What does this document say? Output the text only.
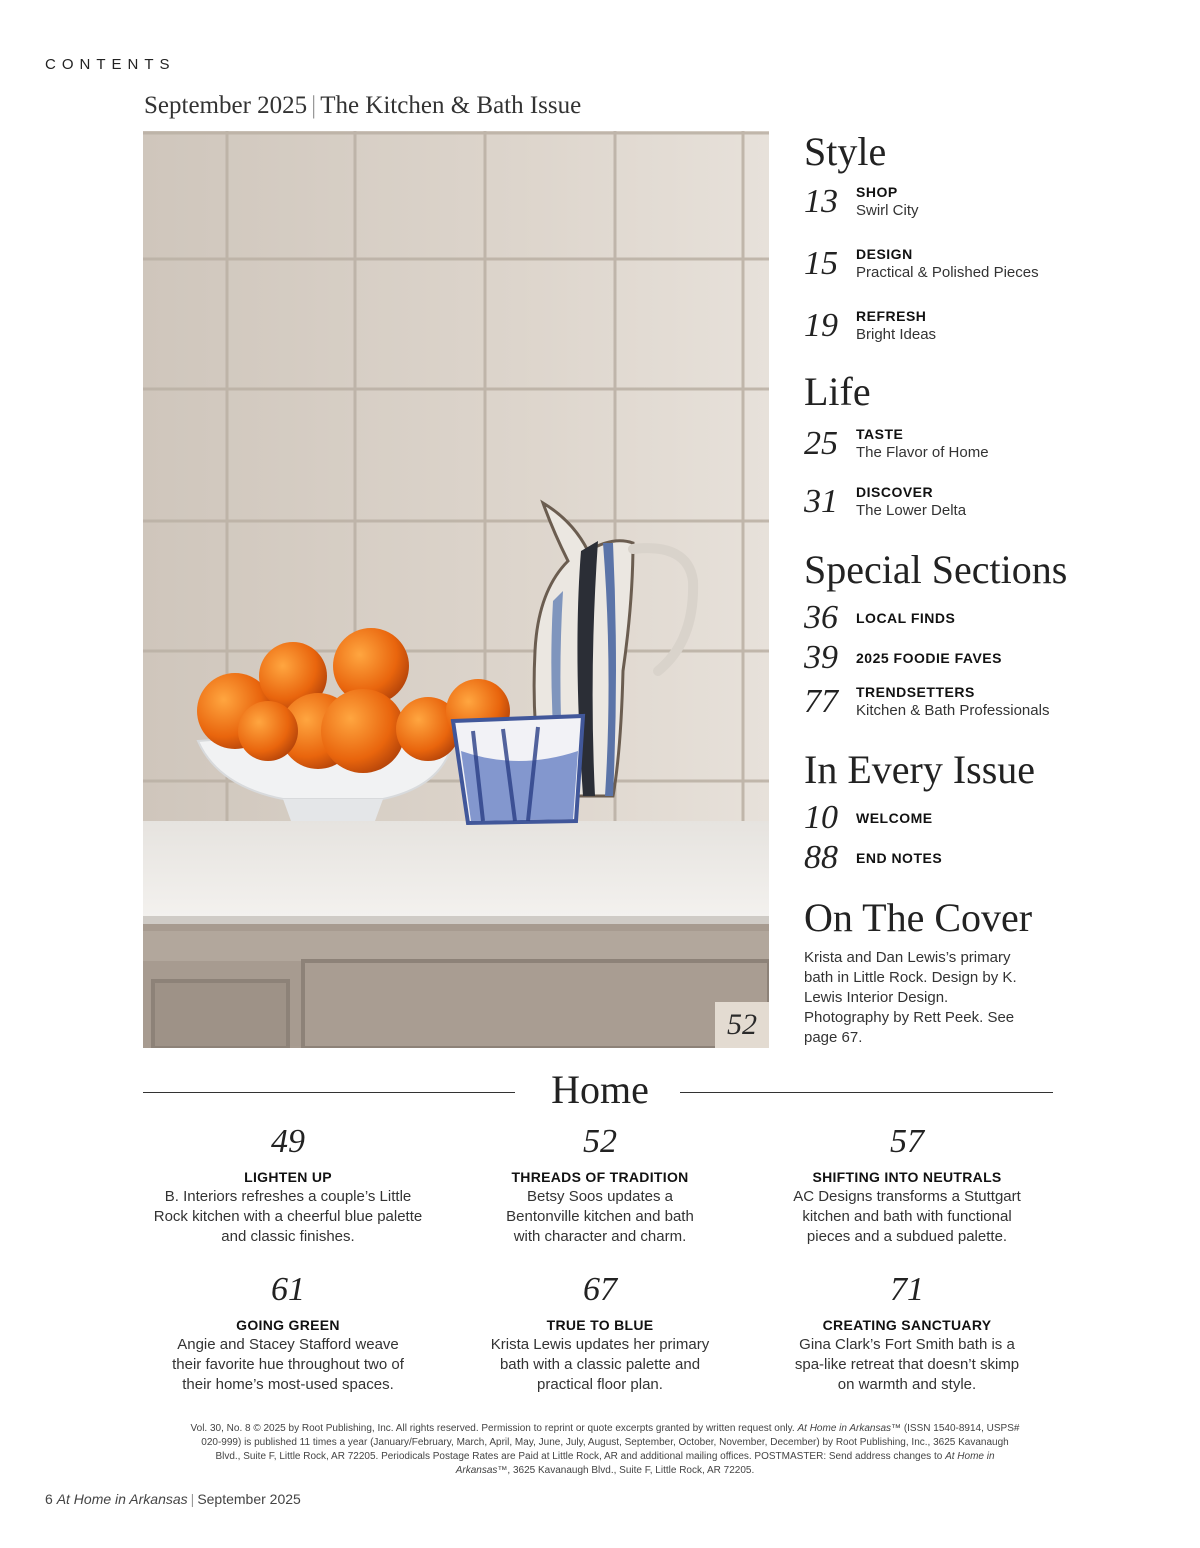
CONTENTS
September 2025 | The Kitchen & Bath Issue
52
Style
13	SHOP
Swirl City
15	DESIGN
Practical & Polished Pieces
19	REFRESH
Bright Ideas
Life
25	TASTE
The Flavor of Home
31	DISCOVER
The Lower Delta
Special Sections
36	LOCAL FINDS
39	2025 FOODIE FAVES
77	TRENDSETTERS
Kitchen & Bath Professionals
In Every Issue
10	WELCOME
88	END NOTES
On The Cover

Krista and Dan Lewis’s primary bath in Little Rock. Design by K. Lewis Interior Design. Photography by Rett Peek. See page 67.

Home
49
LIGHTEN UP
B. Interiors refreshes a couple’s Little Rock kitchen with a cheerful blue palette and classic finishes.
52
THREADS OF TRADITION
Betsy Soos updates a Bentonville kitchen and bath with character and charm.
57
SHIFTING INTO NEUTRALS
AC Designs transforms a Stuttgart kitchen and bath with functional pieces and a subdued palette.
61
GOING GREEN
Angie and Stacey Stafford weave their favorite hue throughout two of their home’s most-used spaces.
67
TRUE TO BLUE
Krista Lewis updates her primary bath with a classic palette and practical floor plan.
71
CREATING SANCTUARY
Gina Clark’s Fort Smith bath is a spa-like retreat that doesn’t skimp on warmth and style.

Vol. 30, No. 8 © 2025 by Root Publishing, Inc. All rights reserved. Permission to reprint or quote excerpts granted by written request only. At Home in Arkansas™ (ISSN 1540-8914, USPS# 020-999) is published 11 times a year (January/February, March, April, May, June, July, August, September, October, November, December) by Root Publishing, Inc., 3625 Kavanaugh Blvd., Suite F, Little Rock, AR 72205. Periodicals Postage Rates are Paid at Little Rock, AR and additional mailing offices. POSTMASTER: Send address changes to At Home in Arkansas™, 3625 Kavanaugh Blvd., Suite F, Little Rock, AR 72205.

6 At Home in Arkansas | September 2025
